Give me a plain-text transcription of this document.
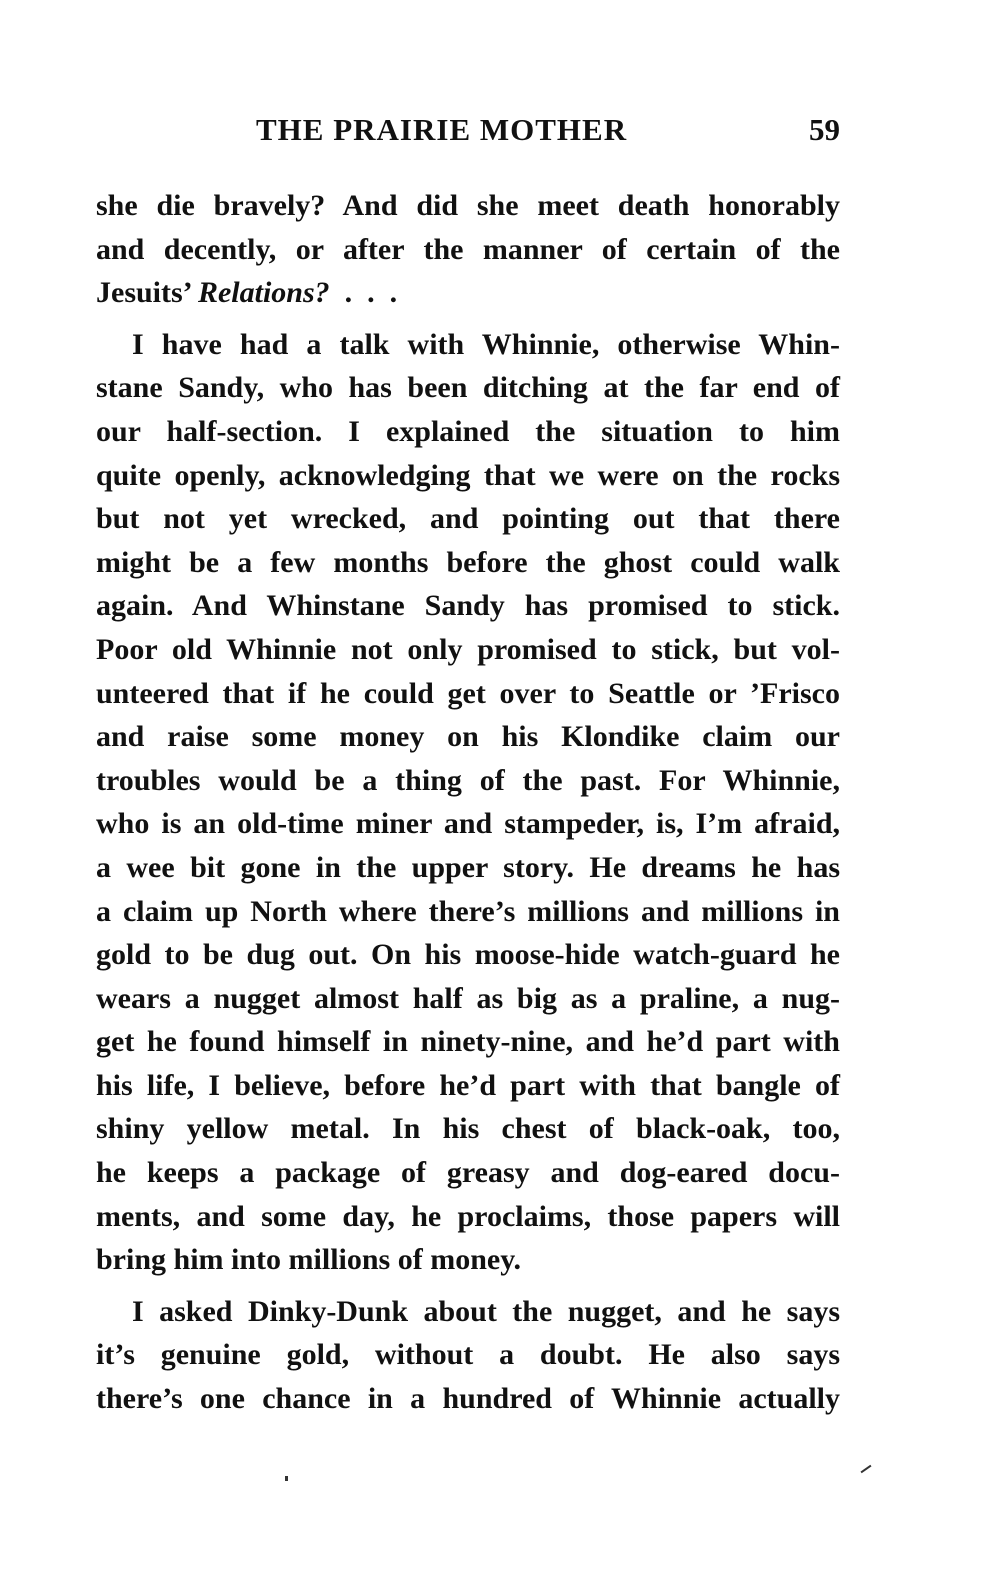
THE PRAIRIE MOTHER	59
she die bravely? And did she meet death honorably
and decently, or after the manner of certain of the
Jesuits’ Relations?  .  .  .
I have had a talk with Whinnie, otherwise Whin-
stane Sandy, who has been ditching at the far end of
our half-section. I explained the situation to him
quite openly, acknowledging that we were on the rocks
but not yet wrecked, and pointing out that there
might be a few months before the ghost could walk
again. And Whinstane Sandy has promised to stick.
Poor old Whinnie not only promised to stick, but vol-
unteered that if he could get over to Seattle or ’Frisco
and raise some money on his Klondike claim our
troubles would be a thing of the past. For Whinnie,
who is an old-time miner and stampeder, is, I’m afraid,
a wee bit gone in the upper story. He dreams he has
a claim up North where there’s millions and millions in
gold to be dug out. On his moose-hide watch-guard he
wears a nugget almost half as big as a praline, a nug-
get he found himself in ninety-nine, and he’d part with
his life, I believe, before he’d part with that bangle of
shiny yellow metal. In his chest of black-oak, too,
he keeps a package of greasy and dog-eared docu-
ments, and some day, he proclaims, those papers will
bring him into millions of money.
I asked Dinky-Dunk about the nugget, and he says
it’s genuine gold, without a doubt. He also says
there’s one chance in a hundred of Whinnie actually
